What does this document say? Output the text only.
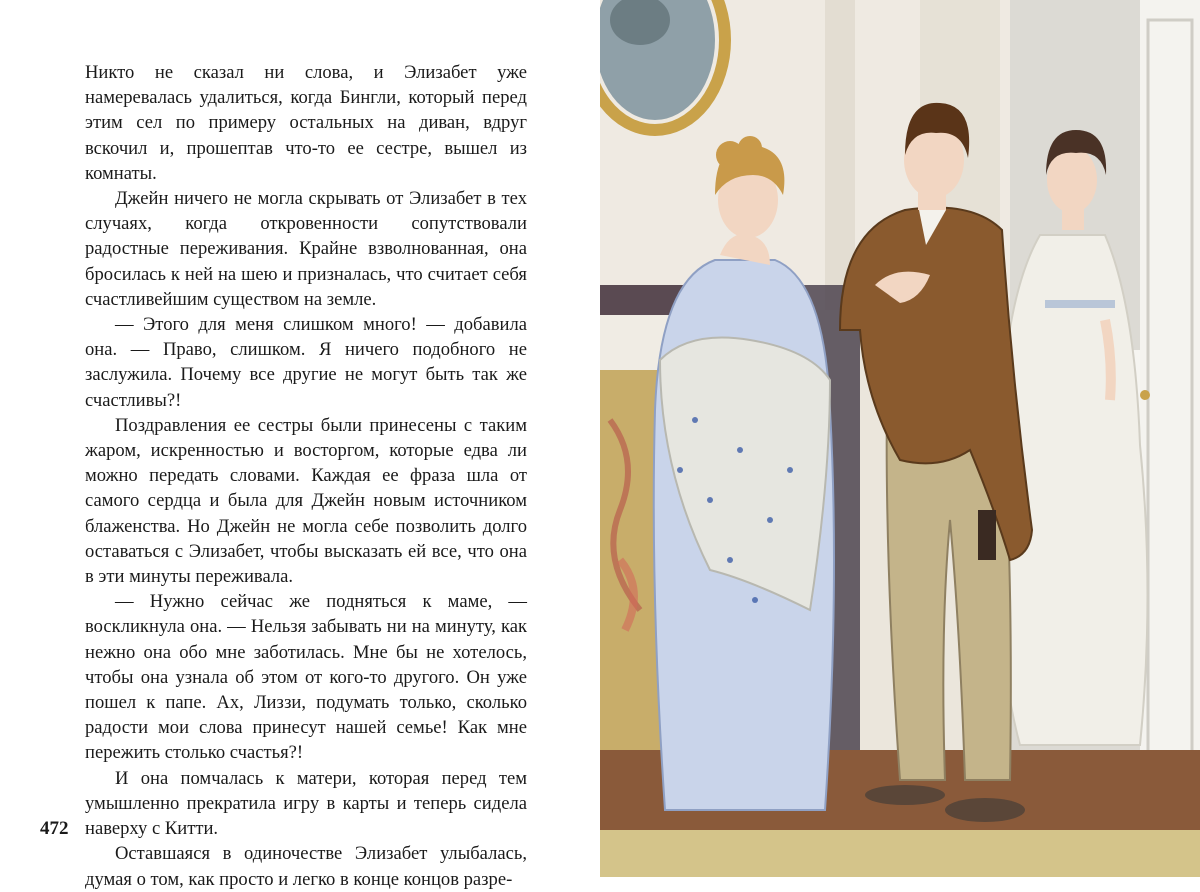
Никто не сказал ни слова, и Элизабет уже намеревалась удалиться, когда Бингли, который перед этим сел по примеру остальных на диван, вдруг вскочил и, прошептав что-то ее сестре, вышел из комнаты.

Джейн ничего не могла скрывать от Элизабет в тех случаях, когда откровенности сопутствовали радостные переживания. Крайне взволнованная, она бросилась к ней на шею и призналась, что считает себя счастливейшим существом на земле.

— Этого для меня слишком много! — добавила она. — Право, слишком. Я ничего подобного не заслужила. Почему все другие не могут быть так же счастливы?!

Поздравления ее сестры были принесены с таким жаром, искренностью и восторгом, которые едва ли можно передать словами. Каждая ее фраза шла от самого сердца и была для Джейн новым источником блаженства. Но Джейн не могла себе позволить долго оставаться с Элизабет, чтобы высказать ей все, что она в эти минуты переживала.

— Нужно сейчас же подняться к маме, — воскликнула она. — Нельзя забывать ни на минуту, как нежно она обо мне заботилась. Мне бы не хотелось, чтобы она узнала об этом от кого-то другого. Он уже пошел к папе. Ах, Лиззи, подумать только, сколько радости мои слова принесут нашей семье! Как мне пережить столько счастья?!

И она помчалась к матери, которая перед тем умышленно прекратила игру в карты и теперь сидела наверху с Китти.

Оставшаяся в одиночестве Элизабет улыбалась, думая о том, как просто и легко в конце концов разре-

472
